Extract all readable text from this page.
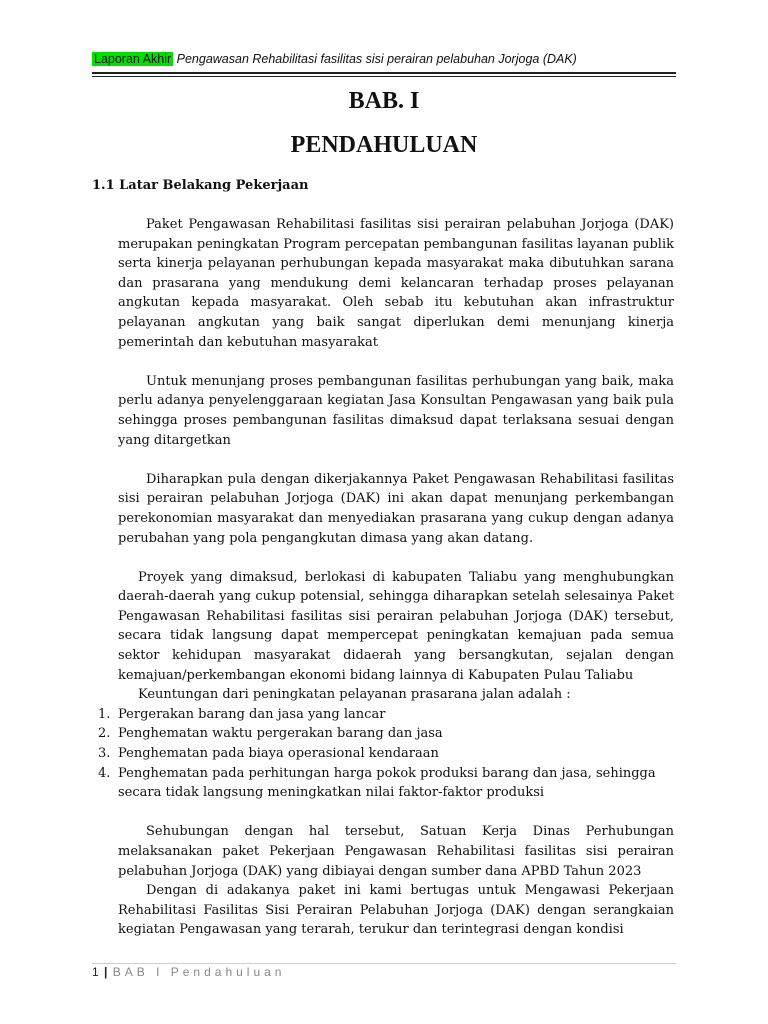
Laporan Akhir Pengawasan Rehabilitasi fasilitas sisi perairan pelabuhan Jorjoga (DAK)
BAB. I
PENDAHULUAN
1.1 Latar Belakang Pekerjaan

Paket Pengawasan Rehabilitasi fasilitas sisi perairan pelabuhan Jorjoga (DAK) merupakan peningkatan Program percepatan pembangunan fasilitas layanan publik serta kinerja pelayanan perhubungan kepada masyarakat maka dibutuhkan sarana dan prasarana yang mendukung demi kelancaran terhadap proses pelayanan angkutan kepada masyarakat. Oleh sebab itu kebutuhan akan infrastruktur pelayanan angkutan yang baik sangat diperlukan demi menunjang kinerja pemerintah dan kebutuhan masyarakat

Untuk menunjang proses pembangunan fasilitas perhubungan yang baik, maka perlu adanya penyelenggaraan kegiatan Jasa Konsultan Pengawasan yang baik pula sehingga proses pembangunan fasilitas dimaksud dapat terlaksana sesuai dengan yang ditargetkan

Diharapkan pula dengan dikerjakannya Paket Pengawasan Rehabilitasi fasilitas sisi perairan pelabuhan Jorjoga (DAK) ini akan dapat menunjang perkembangan perekonomian masyarakat dan menyediakan prasarana yang cukup dengan adanya perubahan yang pola pengangkutan dimasa yang akan datang.

Proyek yang dimaksud, berlokasi di kabupaten Taliabu yang menghubungkan daerah-daerah yang cukup potensial, sehingga diharapkan setelah selesainya Paket Pengawasan Rehabilitasi fasilitas sisi perairan pelabuhan Jorjoga (DAK) tersebut, secara tidak langsung dapat mempercepat peningkatan kemajuan pada semua sektor kehidupan masyarakat didaerah yang bersangkutan, sejalan dengan kemajuan/perkembangan ekonomi bidang lainnya di Kabupaten Pulau Taliabu

Keuntungan dari peningkatan pelayanan prasarana jalan adalah :

1. Pergerakan barang dan jasa yang lancar
2. Penghematan waktu pergerakan barang dan jasa
3. Penghematan pada biaya operasional kendaraan
4. Penghematan pada perhitungan harga pokok produksi barang dan jasa, sehingga secara tidak langsung meningkatkan nilai faktor-faktor produksi

Sehubungan dengan hal tersebut, Satuan Kerja Dinas Perhubungan melaksanakan paket Pekerjaan Pengawasan Rehabilitasi fasilitas sisi perairan pelabuhan Jorjoga (DAK) yang dibiayai dengan sumber dana APBD Tahun 2023

Dengan di adakanya paket ini kami bertugas untuk Mengawasi Pekerjaan Rehabilitasi Fasilitas Sisi Perairan Pelabuhan Jorjoga (DAK) dengan serangkaian kegiatan Pengawasan yang terarah, terukur dan terintegrasi dengan kondisi

1 | BAB I Pendahuluan
